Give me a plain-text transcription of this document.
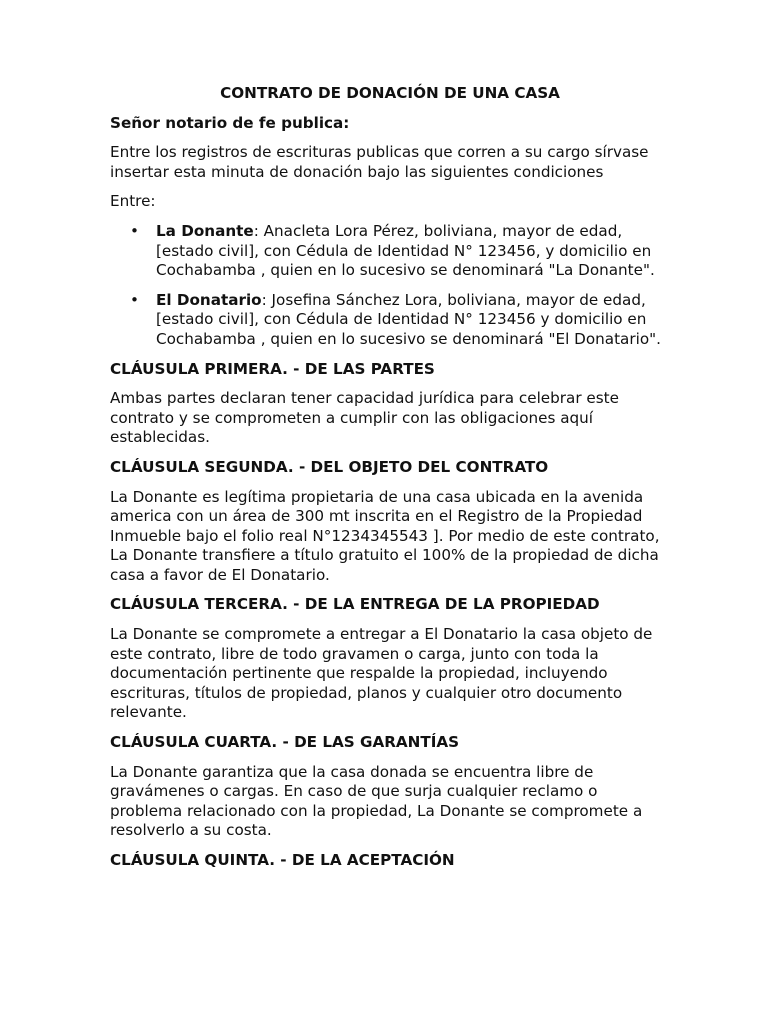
CONTRATO DE DONACIÓN DE UNA CASA
Señor notario de fe publica:

Entre los registros de escrituras publicas que corren a su cargo sírvase insertar esta minuta de donación bajo las siguientes condiciones

Entre:

• La Donante: Anacleta Lora Pérez, boliviana, mayor de edad, [estado civil], con Cédula de Identidad N° 123456, y domicilio en Cochabamba , quien en lo sucesivo se denominará "La Donante".
• El Donatario: Josefina Sánchez Lora, boliviana, mayor de edad, [estado civil], con Cédula de Identidad N° 123456 y domicilio en Cochabamba , quien en lo sucesivo se denominará "El Donatario".
CLÁUSULA PRIMERA. - DE LAS PARTES

Ambas partes declaran tener capacidad jurídica para celebrar este contrato y se comprometen a cumplir con las obligaciones aquí establecidas.

CLÁUSULA SEGUNDA. - DEL OBJETO DEL CONTRATO

La Donante es legítima propietaria de una casa ubicada en la avenida america con un área de 300 mt inscrita en el Registro de la Propiedad Inmueble bajo el folio real N°1234345543 ]. Por medio de este contrato, La Donante transfiere a título gratuito el 100% de la propiedad de dicha casa a favor de El Donatario.

CLÁUSULA TERCERA. - DE LA ENTREGA DE LA PROPIEDAD

La Donante se compromete a entregar a El Donatario la casa objeto de este contrato, libre de todo gravamen o carga, junto con toda la documentación pertinente que respalde la propiedad, incluyendo escrituras, títulos de propiedad, planos y cualquier otro documento relevante.

CLÁUSULA CUARTA. - DE LAS GARANTÍAS

La Donante garantiza que la casa donada se encuentra libre de gravámenes o cargas. En caso de que surja cualquier reclamo o problema relacionado con la propiedad, La Donante se compromete a resolverlo a su costa.

CLÁUSULA QUINTA. - DE LA ACEPTACIÓN
